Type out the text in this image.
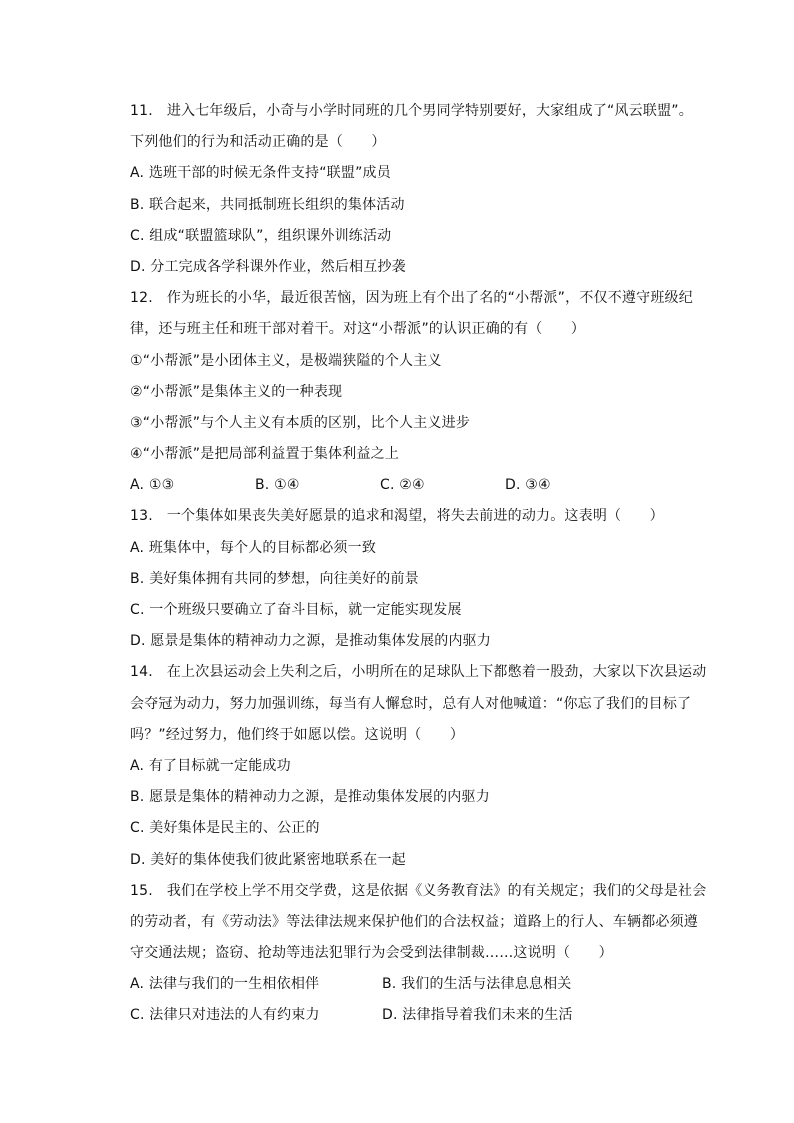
11. 进入七年级后，小奇与小学时同班的几个男同学特别要好，大家组成了“风云联盟”。
下列他们的行为和活动正确的是（　　）
A. 选班干部的时候无条件支持“联盟”成员
B. 联合起来，共同抵制班长组织的集体活动
C. 组成“联盟篮球队”，组织课外训练活动
D. 分工完成各学科课外作业，然后相互抄袭
12. 作为班长的小华，最近很苦恼，因为班上有个出了名的“小帮派”，不仅不遵守班级纪
律，还与班主任和班干部对着干。对这“小帮派”的认识正确的有（　　）
①“小帮派”是小团体主义，是极端狭隘的个人主义
②“小帮派”是集体主义的一种表现
③“小帮派”与个人主义有本质的区别，比个人主义进步
④“小帮派”是把局部利益置于集体利益之上
A. ①③	B. ①④	C. ②④	D. ③④
13. 一个集体如果丧失美好愿景的追求和渴望，将失去前进的动力。这表明（　　）
A. 班集体中，每个人的目标都必须一致
B. 美好集体拥有共同的梦想，向往美好的前景
C. 一个班级只要确立了奋斗目标，就一定能实现发展
D. 愿景是集体的精神动力之源，是推动集体发展的内驱力
14. 在上次县运动会上失利之后，小明所在的足球队上下都憋着一股劲，大家以下次县运动
会夺冠为动力，努力加强训练，每当有人懈怠时，总有人对他喊道：“你忘了我们的目标了
吗？”经过努力，他们终于如愿以偿。这说明（　　）
A. 有了目标就一定能成功
B. 愿景是集体的精神动力之源，是推动集体发展的内驱力
C. 美好集体是民主的、公正的
D. 美好的集体使我们彼此紧密地联系在一起
15. 我们在学校上学不用交学费，这是依据《义务教育法》的有关规定；我们的父母是社会
的劳动者，有《劳动法》等法律法规来保护他们的合法权益；道路上的行人、车辆都必须遵
守交通法规；盗窃、抢劫等违法犯罪行为会受到法律制裁……这说明（　　）
A. 法律与我们的一生相依相伴	B. 我们的生活与法律息息相关
C. 法律只对违法的人有约束力	D. 法律指导着我们未来的生活
